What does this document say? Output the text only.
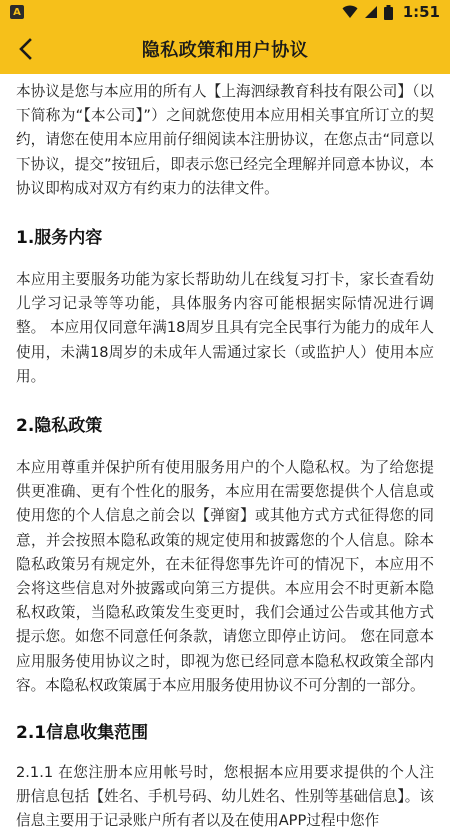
A	1:51
隐私政策和用户协议

本协议是您与本应用的所有人【上海泗绿教育科技有限公司】（以下简称为“【本公司】”）之间就您使用本应用相关事宜所订立的契约，请您在使用本应用前仔细阅读本注册协议，在您点击“同意以下协议，提交”按钮后，即表示您已经完全理解并同意本协议，本协议即构成对双方有约束力的法律文件。

1.服务内容

本应用主要服务功能为家长帮助幼儿在线复习打卡，家长查看幼儿学习记录等等功能，具体服务内容可能根据实际情况进行调整。 本应用仅同意年满18周岁且具有完全民事行为能力的成年人使用，未满18周岁的未成年人需通过家长（或监护人）使用本应用。

2.隐私政策

本应用尊重并保护所有使用服务用户的个人隐私权。为了给您提供更准确、更有个性化的服务，本应用在需要您提供个人信息或使用您的个人信息之前会以【弹窗】或其他方式方式征得您的同意，并会按照本隐私政策的规定使用和披露您的个人信息。除本隐私政策另有规定外，在未征得您事先许可的情况下，本应用不会将这些信息对外披露或向第三方提供。本应用会不时更新本隐私权政策，当隐私政策发生变更时，我们会通过公告或其他方式提示您。如您不同意任何条款，请您立即停止访问。 您在同意本应用服务使用协议之时，即视为您已经同意本隐私权政策全部内容。本隐私权政策属于本应用服务使用协议不可分割的一部分。

2.1信息收集范围

2.1.1 在您注册本应用帐号时，您根据本应用要求提供的个人注册信息包括【姓名、手机号码、幼儿姓名、性别等基础信息】。该信息主要用于记录账户所有者以及在使用APP过程中您作
